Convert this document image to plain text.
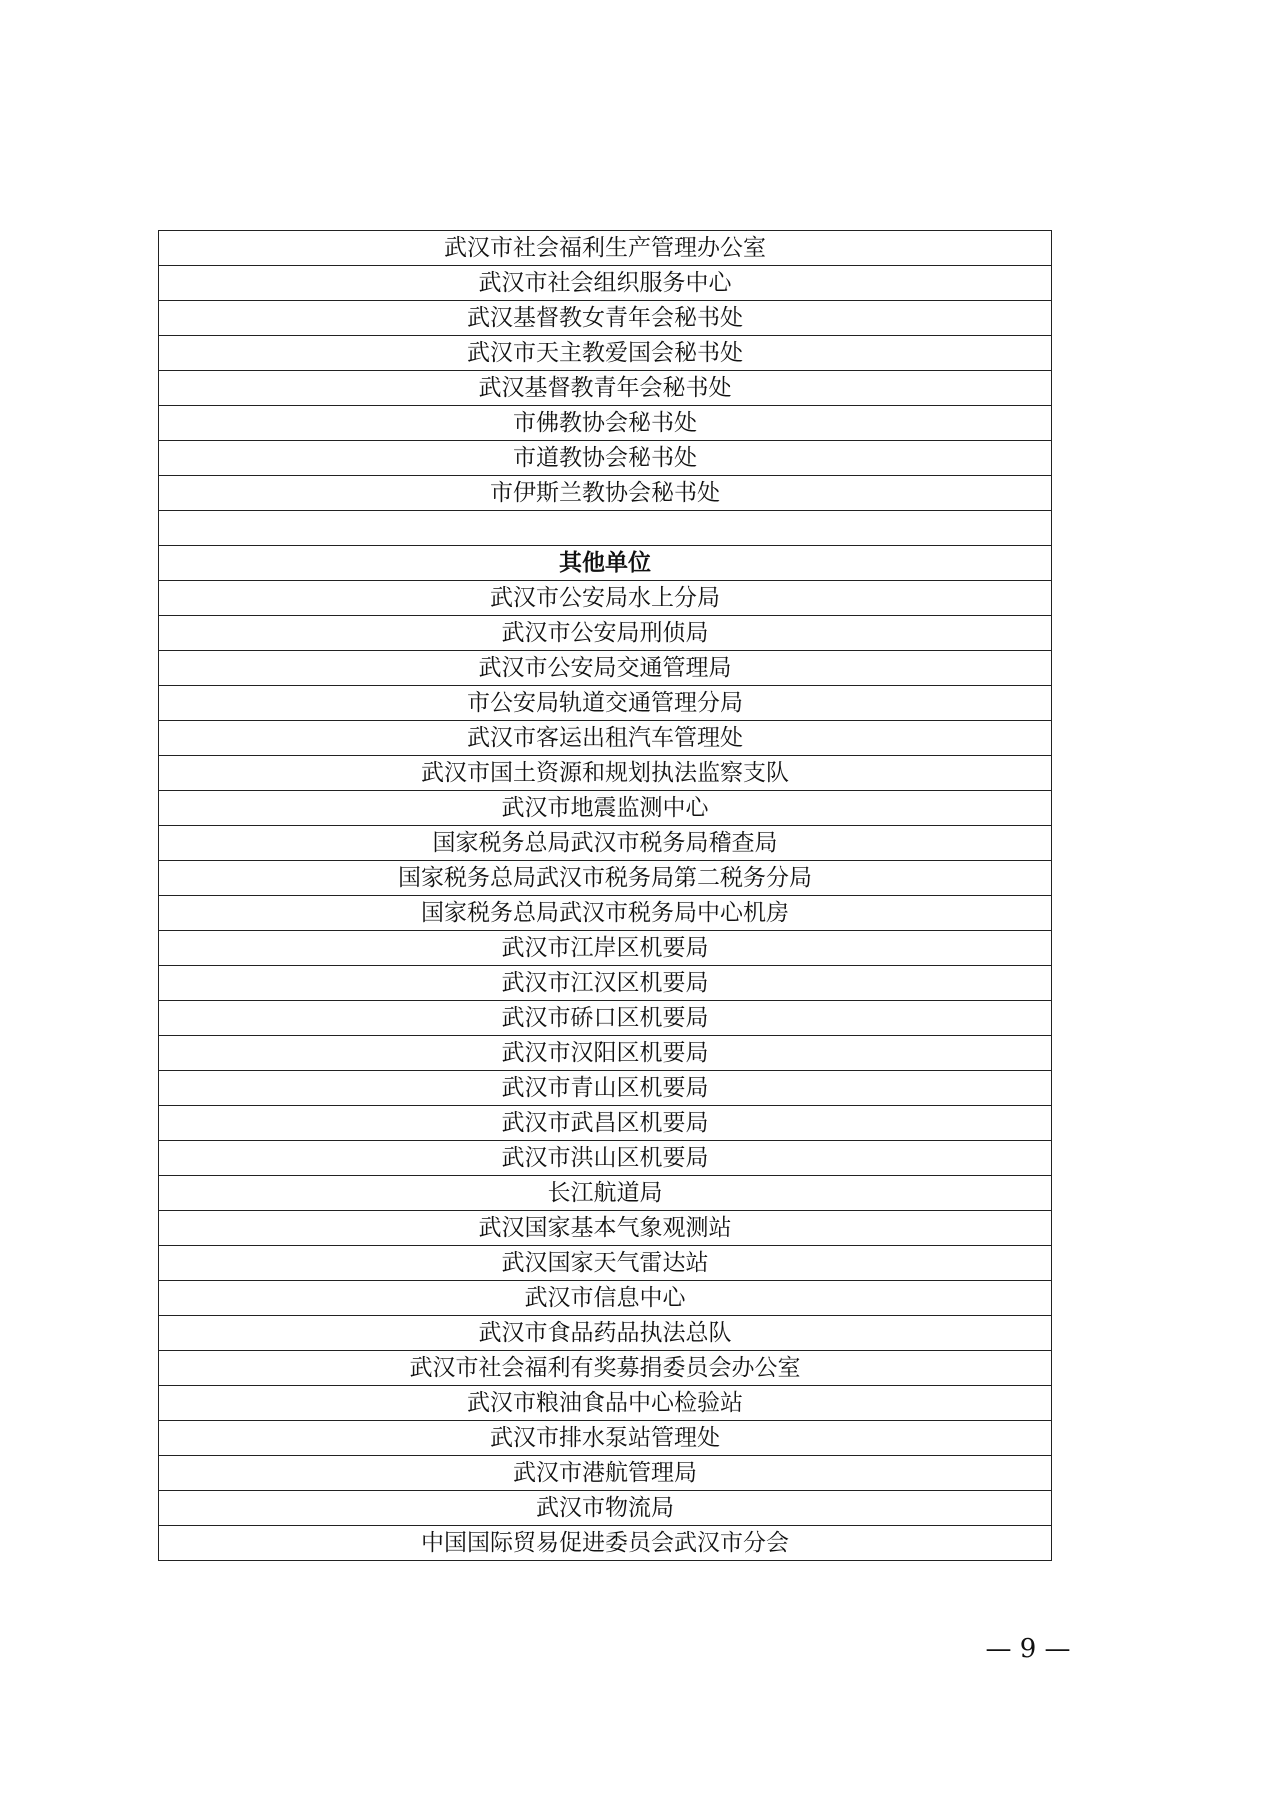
武汉市社会福利生产管理办公室
武汉市社会组织服务中心
武汉基督教女青年会秘书处
武汉市天主教爱国会秘书处
武汉基督教青年会秘书处
市佛教协会秘书处
市道教协会秘书处
市伊斯兰教协会秘书处

其他单位
武汉市公安局水上分局
武汉市公安局刑侦局
武汉市公安局交通管理局
市公安局轨道交通管理分局
武汉市客运出租汽车管理处
武汉市国土资源和规划执法监察支队
武汉市地震监测中心
国家税务总局武汉市税务局稽查局
国家税务总局武汉市税务局第二税务分局
国家税务总局武汉市税务局中心机房
武汉市江岸区机要局
武汉市江汉区机要局
武汉市硚口区机要局
武汉市汉阳区机要局
武汉市青山区机要局
武汉市武昌区机要局
武汉市洪山区机要局
长江航道局
武汉国家基本气象观测站
武汉国家天气雷达站
武汉市信息中心
武汉市食品药品执法总队
武汉市社会福利有奖募捐委员会办公室
武汉市粮油食品中心检验站
武汉市排水泵站管理处
武汉市港航管理局
武汉市物流局
中国国际贸易促进委员会武汉市分会
— 9 —
